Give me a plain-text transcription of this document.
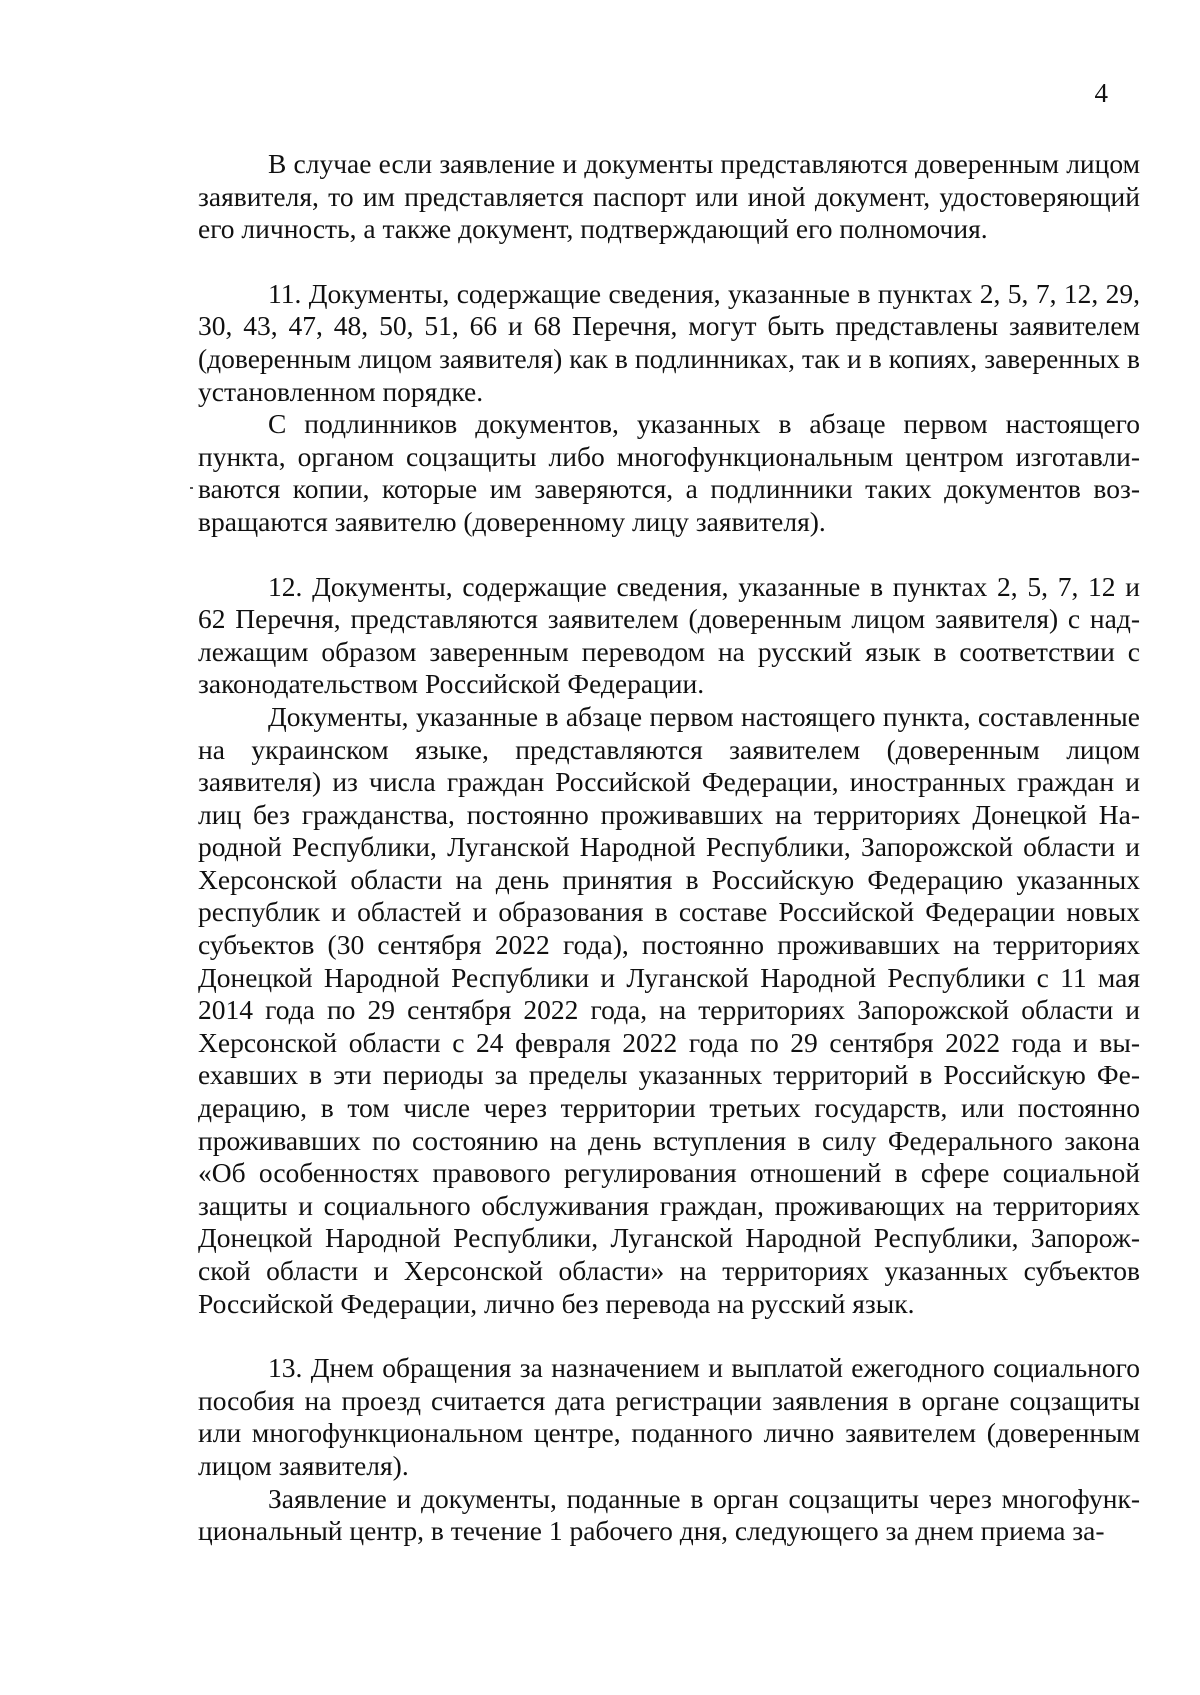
4

В случае если заявление и документы представляются доверенным лицом заявителя, то им представляется паспорт или иной документ, удостоверяющий его личность, а также документ, подтверждающий его полномочия.

11. Документы, содержащие сведения, указанные в пунктах 2, 5, 7, 12, 29, 30, 43, 47, 48, 50, 51, 66 и 68 Перечня, могут быть представлены заявителем (доверенным лицом заявителя) как в подлинниках, так и в копиях, заверенных в установленном порядке.

С подлинников документов, указанных в абзаце первом настоящего пункта, органом соцзащиты либо многофункциональным центром изготавливаются копии, которые им заверяются, а подлинники таких документов возвращаются заявителю (доверенному лицу заявителя).

12. Документы, содержащие сведения, указанные в пунктах 2, 5, 7, 12 и 62 Перечня, представляются заявителем (доверенным лицом заявителя) с надлежащим образом заверенным переводом на русский язык в соответствии с законодательством Российской Федерации.

Документы, указанные в абзаце первом настоящего пункта, составленные на украинском языке, представляются заявителем (доверенным лицом заявителя) из числа граждан Российской Федерации, иностранных граждан и лиц без гражданства, постоянно проживавших на территориях Донецкой Народной Республики, Луганской Народной Республики, Запорожской области и Херсонской области на день принятия в Российскую Федерацию указанных республик и областей и образования в составе Российской Федерации новых субъектов (30 сентября 2022 года), постоянно проживавших на территориях Донецкой Народной Республики и Луганской Народной Республики с 11 мая 2014 года по 29 сентября 2022 года, на территориях Запорожской области и Херсонской области с 24 февраля 2022 года по 29 сентября 2022 года и выехавших в эти периоды за пределы указанных территорий в Российскую Федерацию, в том числе через территории третьих государств, или постоянно проживавших по состоянию на день вступления в силу Федерального закона «Об особенностях правового регулирования отношений в сфере социальной защиты и социального обслуживания граждан, проживающих на территориях Донецкой Народной Республики, Луганской Народной Республики, Запорожской области и Херсонской области» на территориях указанных субъектов Российской Федерации, лично без перевода на русский язык.

13. Днем обращения за назначением и выплатой ежегодного социального пособия на проезд считается дата регистрации заявления в органе соцзащиты или многофункциональном центре, поданного лично заявителем (доверенным лицом заявителя).

Заявление и документы, поданные в орган соцзащиты через многофункциональный центр, в течение 1 рабочего дня, следующего за днем приема за-
